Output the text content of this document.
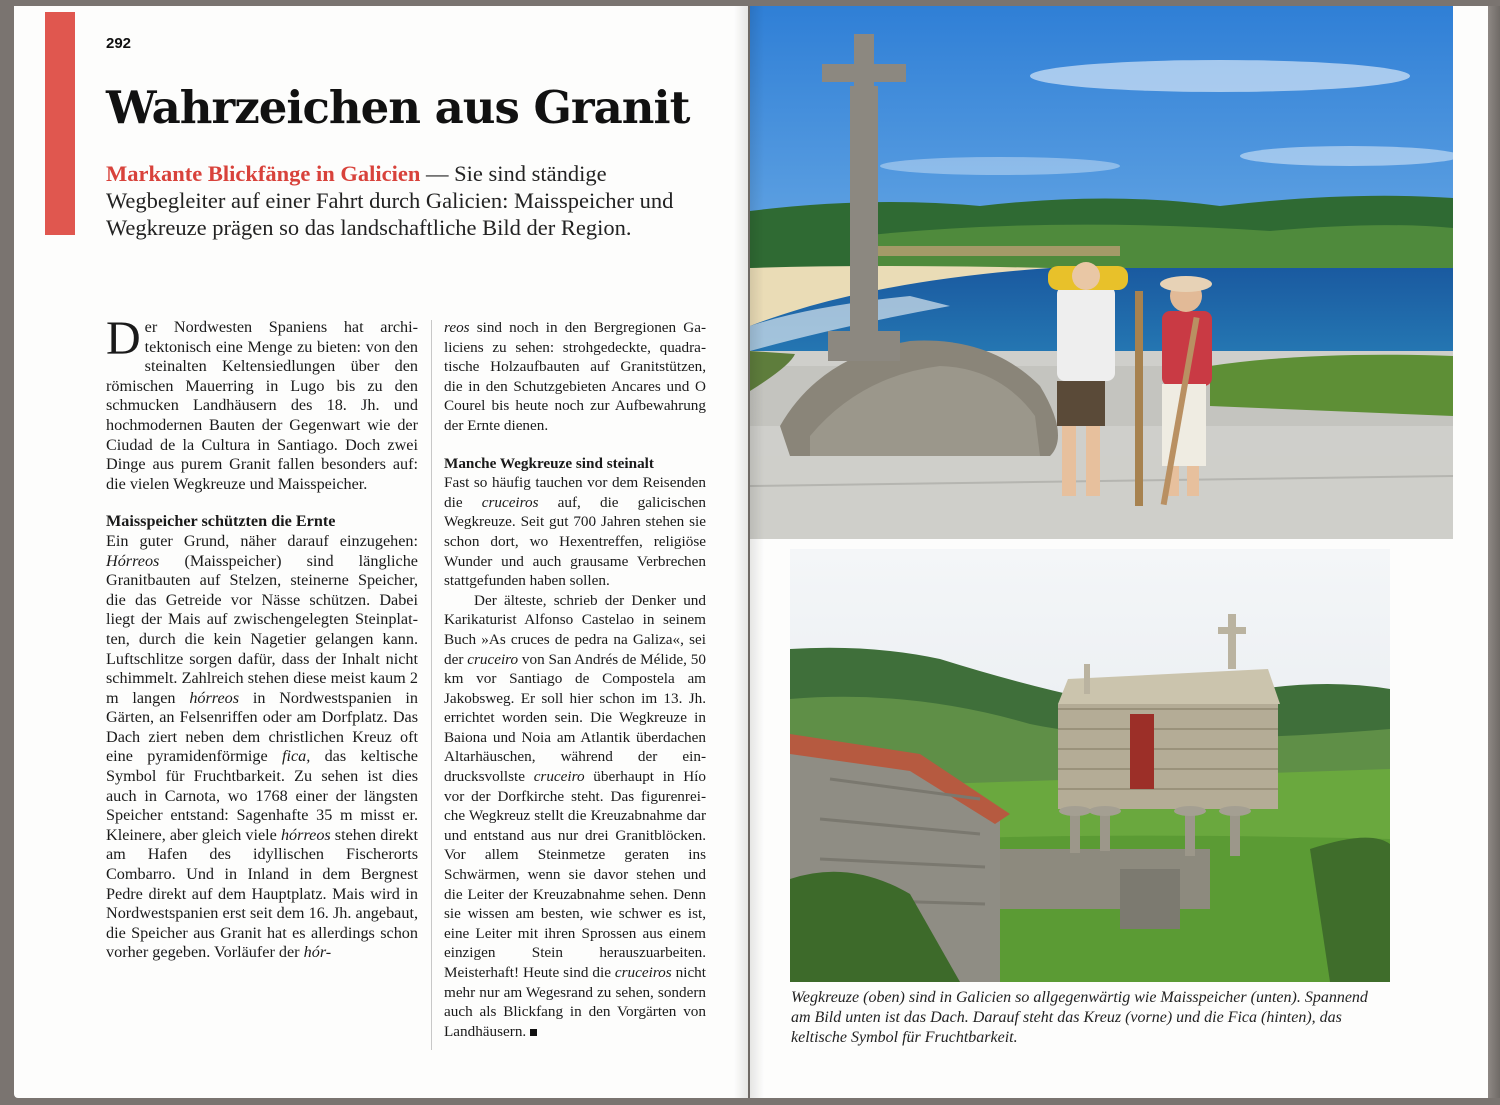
292
Wahrzeichen aus Granit
Markante Blickfänge in Galicien — Sie sind ständige Wegbegleiter auf einer Fahrt durch Galicien: Maisspeicher und Wegkreuze prägen so das landschaftliche Bild der Region.

Der Nordwesten Spaniens hat architektonisch eine Menge zu bieten: von den steinalten Keltensiedlungen über den römischen Mauerring in Lugo bis zu den schmucken Landhäusern des 18. Jh. und hochmodernen Bauten der Gegenwart wie der Ciudad de la Cultura in Santiago. Doch zwei Dinge aus purem Granit fallen besonders auf: die vielen Wegkreuze und Maisspeicher.

Maisspeicher schützten die Ernte

Ein guter Grund, näher darauf einzugehen: Hórreos (Maisspeicher) sind längliche Granitbauten auf Stelzen, steinerne Speicher, die das Getreide vor Nässe schützen. Dabei liegt der Mais auf zwischengelegten Steinplatten, durch die kein Nagetier gelangen kann. Luftschlitze sorgen dafür, dass der Inhalt nicht schimmelt. Zahlreich stehen diese meist kaum 2 m langen hórreos in Nordwestspanien in Gärten, an Felsenriffen oder am Dorfplatz. Das Dach ziert neben dem christlichen Kreuz oft eine pyramidenförmige fica, das keltische Symbol für Fruchtbarkeit. Zu sehen ist dies auch in Carnota, wo 1768 einer der längsten Speicher entstand: Sagenhafte 35 m misst er. Kleinere, aber gleich viele hórreos stehen direkt am Hafen des idyllischen Fischerorts Combarro. Und in Inland in dem Bergnest Pedre direkt auf dem Hauptplatz. Mais wird in Nordwestspanien erst seit dem 16. Jh. angebaut, die Speicher aus Granit hat es allerdings schon vorher gegeben. Vorläufer der hór-

reos sind noch in den Bergregionen Galiciens zu sehen: strohgedeckte, quadratische Holzaufbauten auf Granitstützen, die in den Schutzgebieten Ancares und O Courel bis heute noch zur Aufbewahrung der Ernte dienen.

Manche Wegkreuze sind steinalt

Fast so häufig tauchen vor dem Reisenden die cruceiros auf, die galicischen Wegkreuze. Seit gut 700 Jahren stehen sie schon dort, wo Hexentreffen, religiöse Wunder und auch grausame Verbrechen stattgefunden haben sollen.

Der älteste, schrieb der Denker und Karikaturist Alfonso Castelao in seinem Buch »As cruces de pedra na Galiza«, sei der cruceiro von San Andrés de Mélide, 50 km vor Santiago de Compostela am Jakobsweg. Er soll hier schon im 13. Jh. errichtet worden sein. Die Wegkreuze in Baiona und Noia am Atlantik überdachen Altarhäuschen, während der eindrucksvollste cruceiro überhaupt in Hío vor der Dorfkirche steht. Das figurenreiche Wegkreuz stellt die Kreuzabnahme dar und entstand aus nur drei Granitblöcken. Vor allem Steinmetze geraten ins Schwärmen, wenn sie davor stehen und die Leiter der Kreuzabnahme sehen. Denn sie wissen am besten, wie schwer es ist, eine Leiter mit ihren Sprossen aus einem einzigen Stein herauszuarbeiten. Meisterhaft! Heute sind die cruceiros nicht mehr nur am Wegesrand zu sehen, sondern auch als Blickfang in den Vorgärten von Landhäusern.

Wegkreuze (oben) sind in Galicien so allgegenwärtig wie Maisspeicher (unten). Spannend am Bild unten ist das Dach. Darauf steht das Kreuz (vorne) und die Fica (hinten), das keltische Symbol für Fruchtbarkeit.
